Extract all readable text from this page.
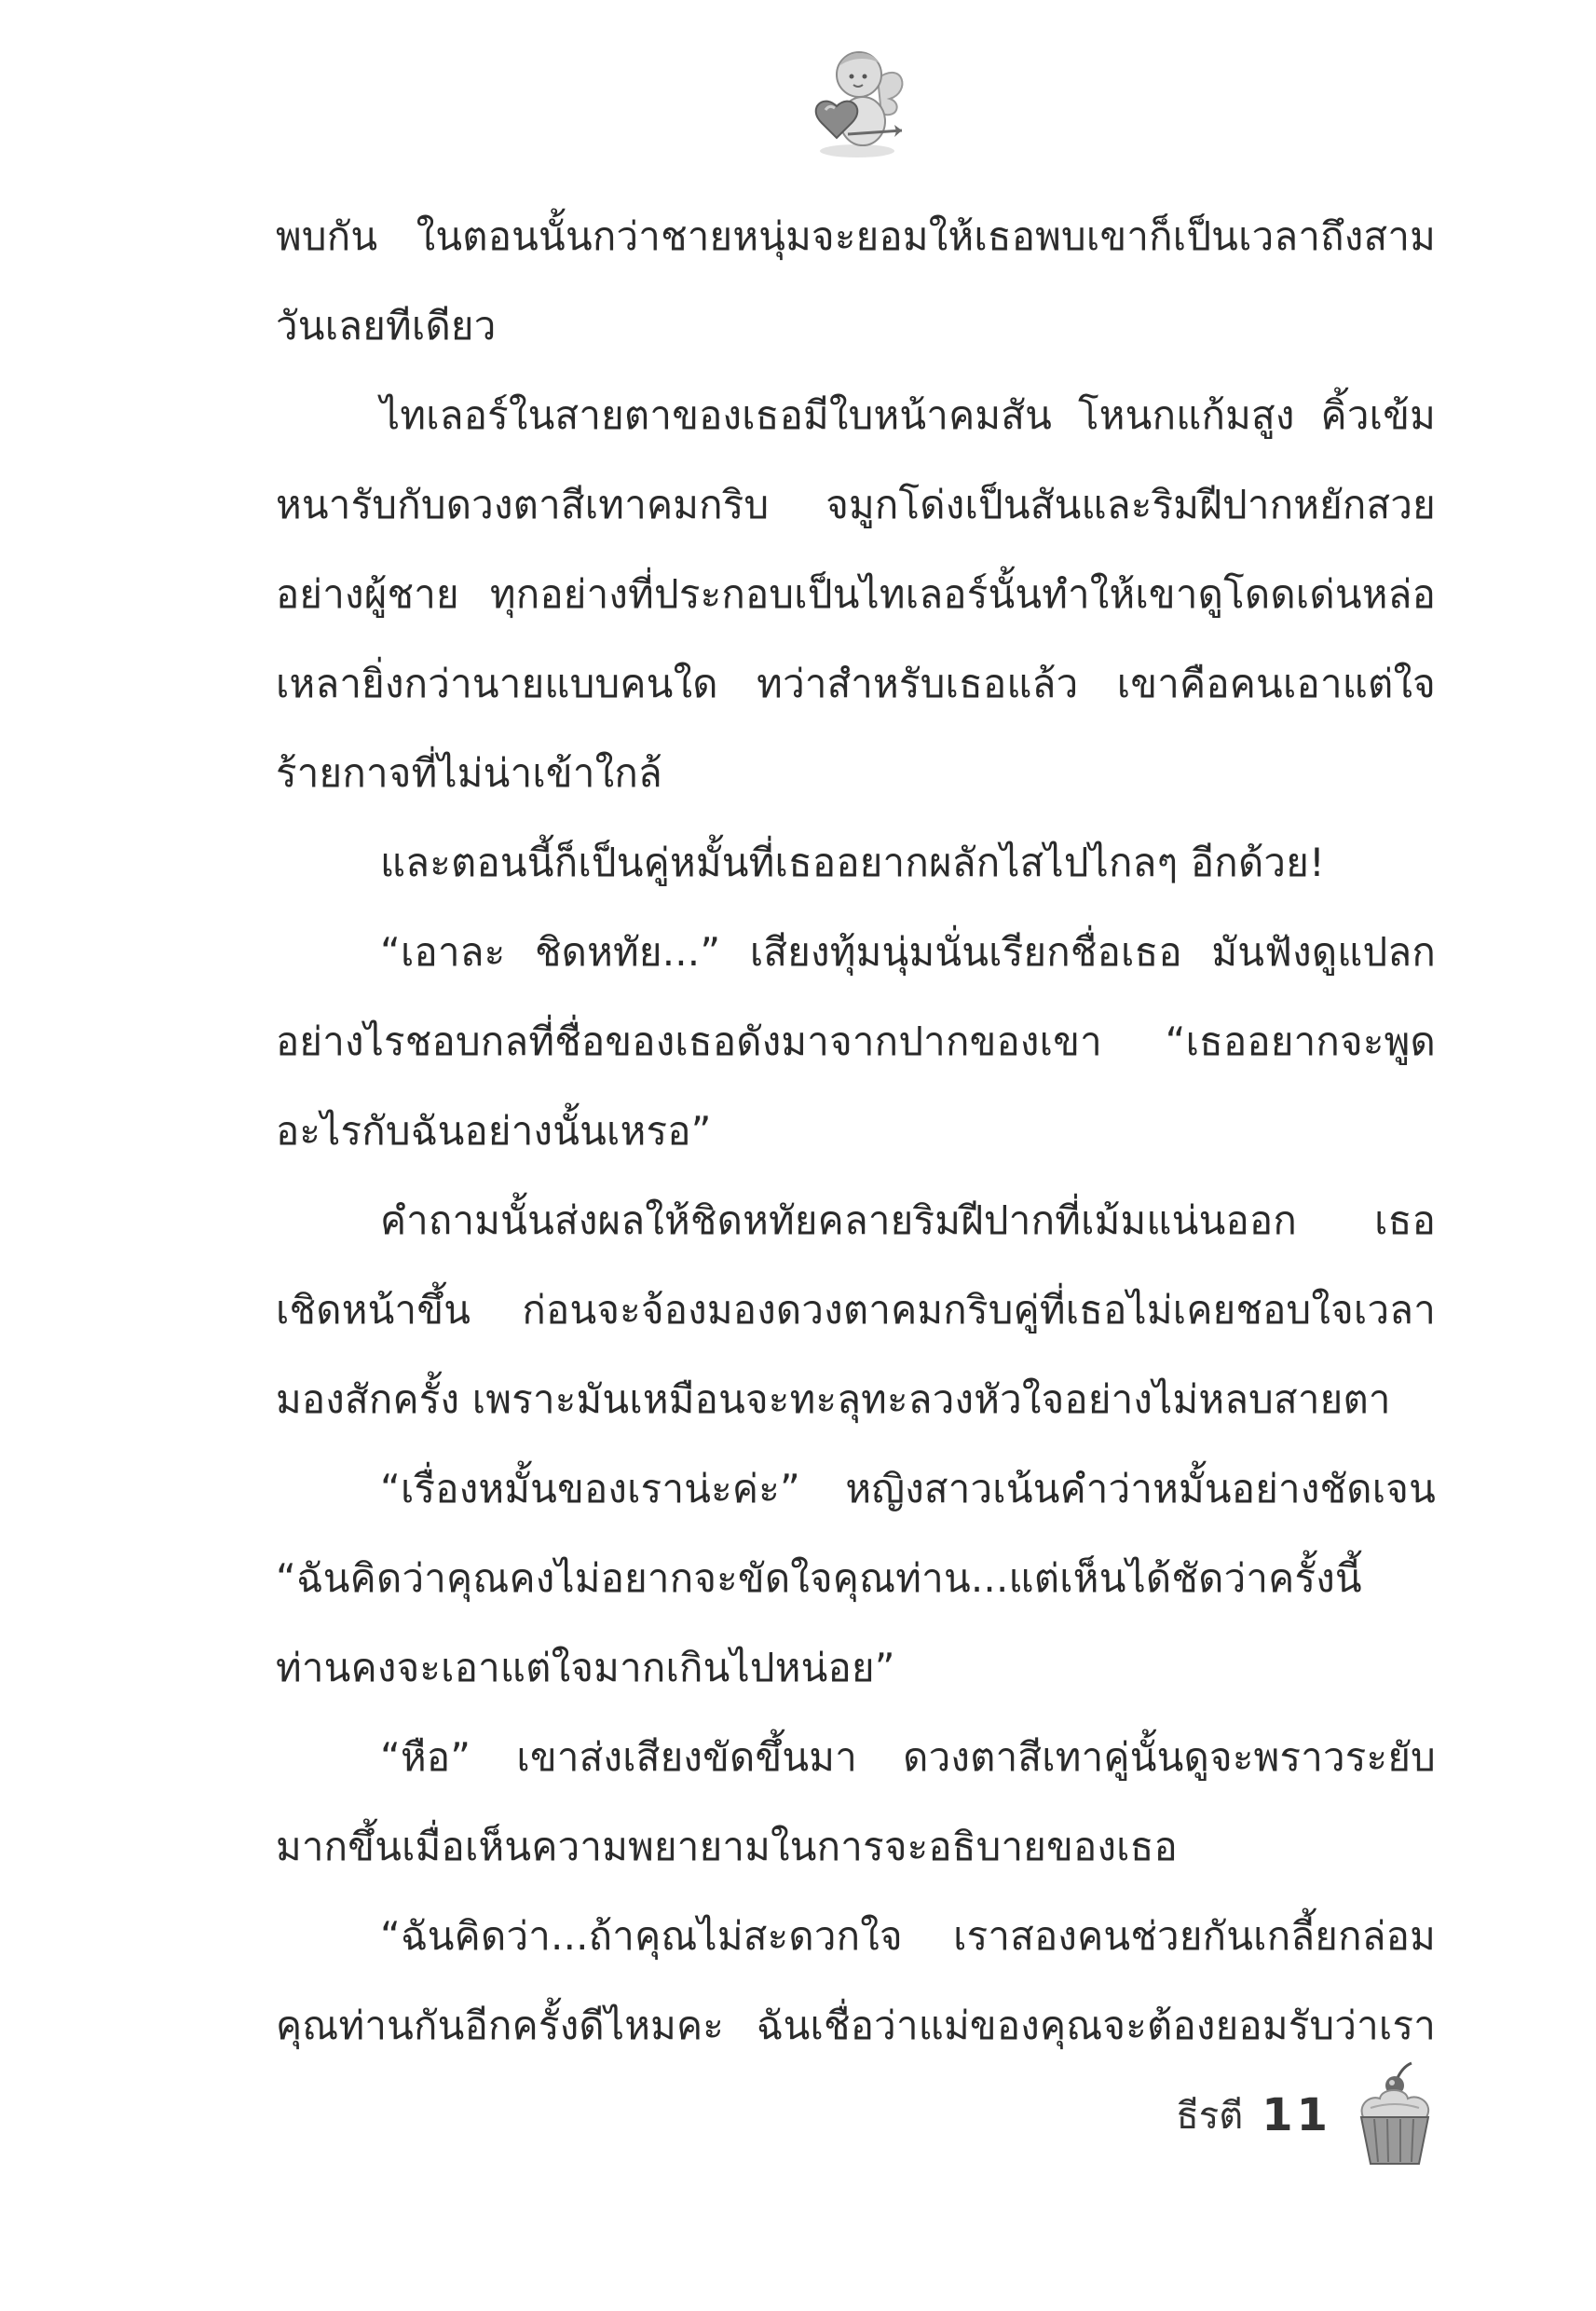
พบกัน ในตอนนั้นกว่าชายหนุ่มจะยอมให้เธอพบเขาก็เป็นเวลาถึงสามวันเลยทีเดียว

ไทเลอร์ในสายตาของเธอมีใบหน้าคมสัน โหนกแก้มสูง คิ้วเข้มหนารับกับดวงตาสีเทาคมกริบ จมูกโด่งเป็นสันและริมฝีปากหยักสวยอย่างผู้ชาย ทุกอย่างที่ประกอบเป็นไทเลอร์นั้นทำให้เขาดูโดดเด่นหล่อเหลายิ่งกว่านายแบบคนใด ทว่าสำหรับเธอแล้ว เขาคือคนเอาแต่ใจร้ายกาจที่ไม่น่าเข้าใกล้

และตอนนี้ก็เป็นคู่หมั้นที่เธออยากผลักไสไปไกลๆ อีกด้วย!

“เอาละ ชิดหทัย...” เสียงทุ้มนุ่มนั่นเรียกชื่อเธอ มันฟังดูแปลกอย่างไรชอบกลที่ชื่อของเธอดังมาจากปากของเขา “เธออยากจะพูดอะไรกับฉันอย่างนั้นเหรอ”

คำถามนั้นส่งผลให้ชิดหทัยคลายริมฝีปากที่เม้มแน่นออก เธอเชิดหน้าขึ้น ก่อนจะจ้องมองดวงตาคมกริบคู่ที่เธอไม่เคยชอบใจเวลามองสักครั้ง เพราะมันเหมือนจะทะลุทะลวงหัวใจอย่างไม่หลบสายตา

“เรื่องหมั้นของเราน่ะค่ะ” หญิงสาวเน้นคำว่าหมั้นอย่างชัดเจน “ฉันคิดว่าคุณคงไม่อยากจะขัดใจคุณท่าน...แต่เห็นได้ชัดว่าครั้งนี้ท่านคงจะเอาแต่ใจมากเกินไปหน่อย”

“หือ” เขาส่งเสียงขัดขึ้นมา ดวงตาสีเทาคู่นั้นดูจะพราวระยับมากขึ้นเมื่อเห็นความพยายามในการจะอธิบายของเธอ

“ฉันคิดว่า...ถ้าคุณไม่สะดวกใจ เราสองคนช่วยกันเกลี้ยกล่อมคุณท่านกันอีกครั้งดีไหมคะ ฉันเชื่อว่าแม่ของคุณจะต้องยอมรับว่าเรา

ธีรตี 11
